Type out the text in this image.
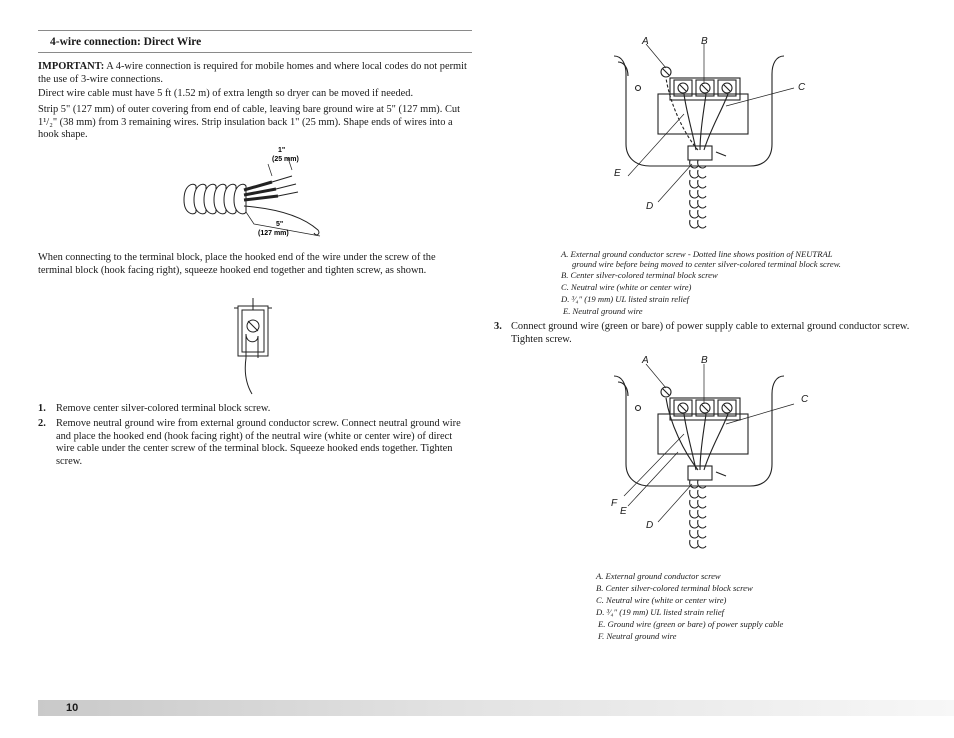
4-wire connection: Direct Wire
IMPORTANT: A 4-wire connection is required for mobile homes and where local codes do not permit the use of 3-wire connections.
Direct wire cable must have 5 ft (1.52 m) of extra length so dryer can be moved if needed.
Strip 5" (127 mm) of outer covering from end of cable, leaving bare ground wire at 5" (127 mm). Cut 1¹/₂" (38 mm) from 3 remaining wires. Strip insulation back 1" (25 mm). Shape ends of wires into a hook shape.
1"
(25 mm)
5"
(127 mm)
When connecting to the terminal block, place the hooked end of the wire under the screw of the terminal block (hook facing right), squeeze hooked end together and tighten screw, as shown.
1. Remove center silver-colored terminal block screw.
2. Remove neutral ground wire from external ground conductor screw. Connect neutral ground wire and place the hooked end (hook facing right) of the neutral wire (white or center wire) of direct wire cable under the center screw of the terminal block. Squeeze hooked ends together. Tighten screw.
A	B
C
E
D
A. External ground conductor screw - Dotted line shows position of NEUTRAL
ground wire before being moved to center silver-colored terminal block screw.
B. Center silver-colored terminal block screw
C. Neutral wire (white or center wire)
D. ³⁄₄" (19 mm) UL listed strain relief
E. Neutral ground wire
3. Connect ground wire (green or bare) of power supply cable to external ground conductor screw. Tighten screw.
A	B
C
F
E
D
A. External ground conductor screw
B. Center silver-colored terminal block screw
C. Neutral wire (white or center wire)
D. ³⁄₄" (19 mm) UL listed strain relief
E. Ground wire (green or bare) of power supply cable
F. Neutral ground wire
10
